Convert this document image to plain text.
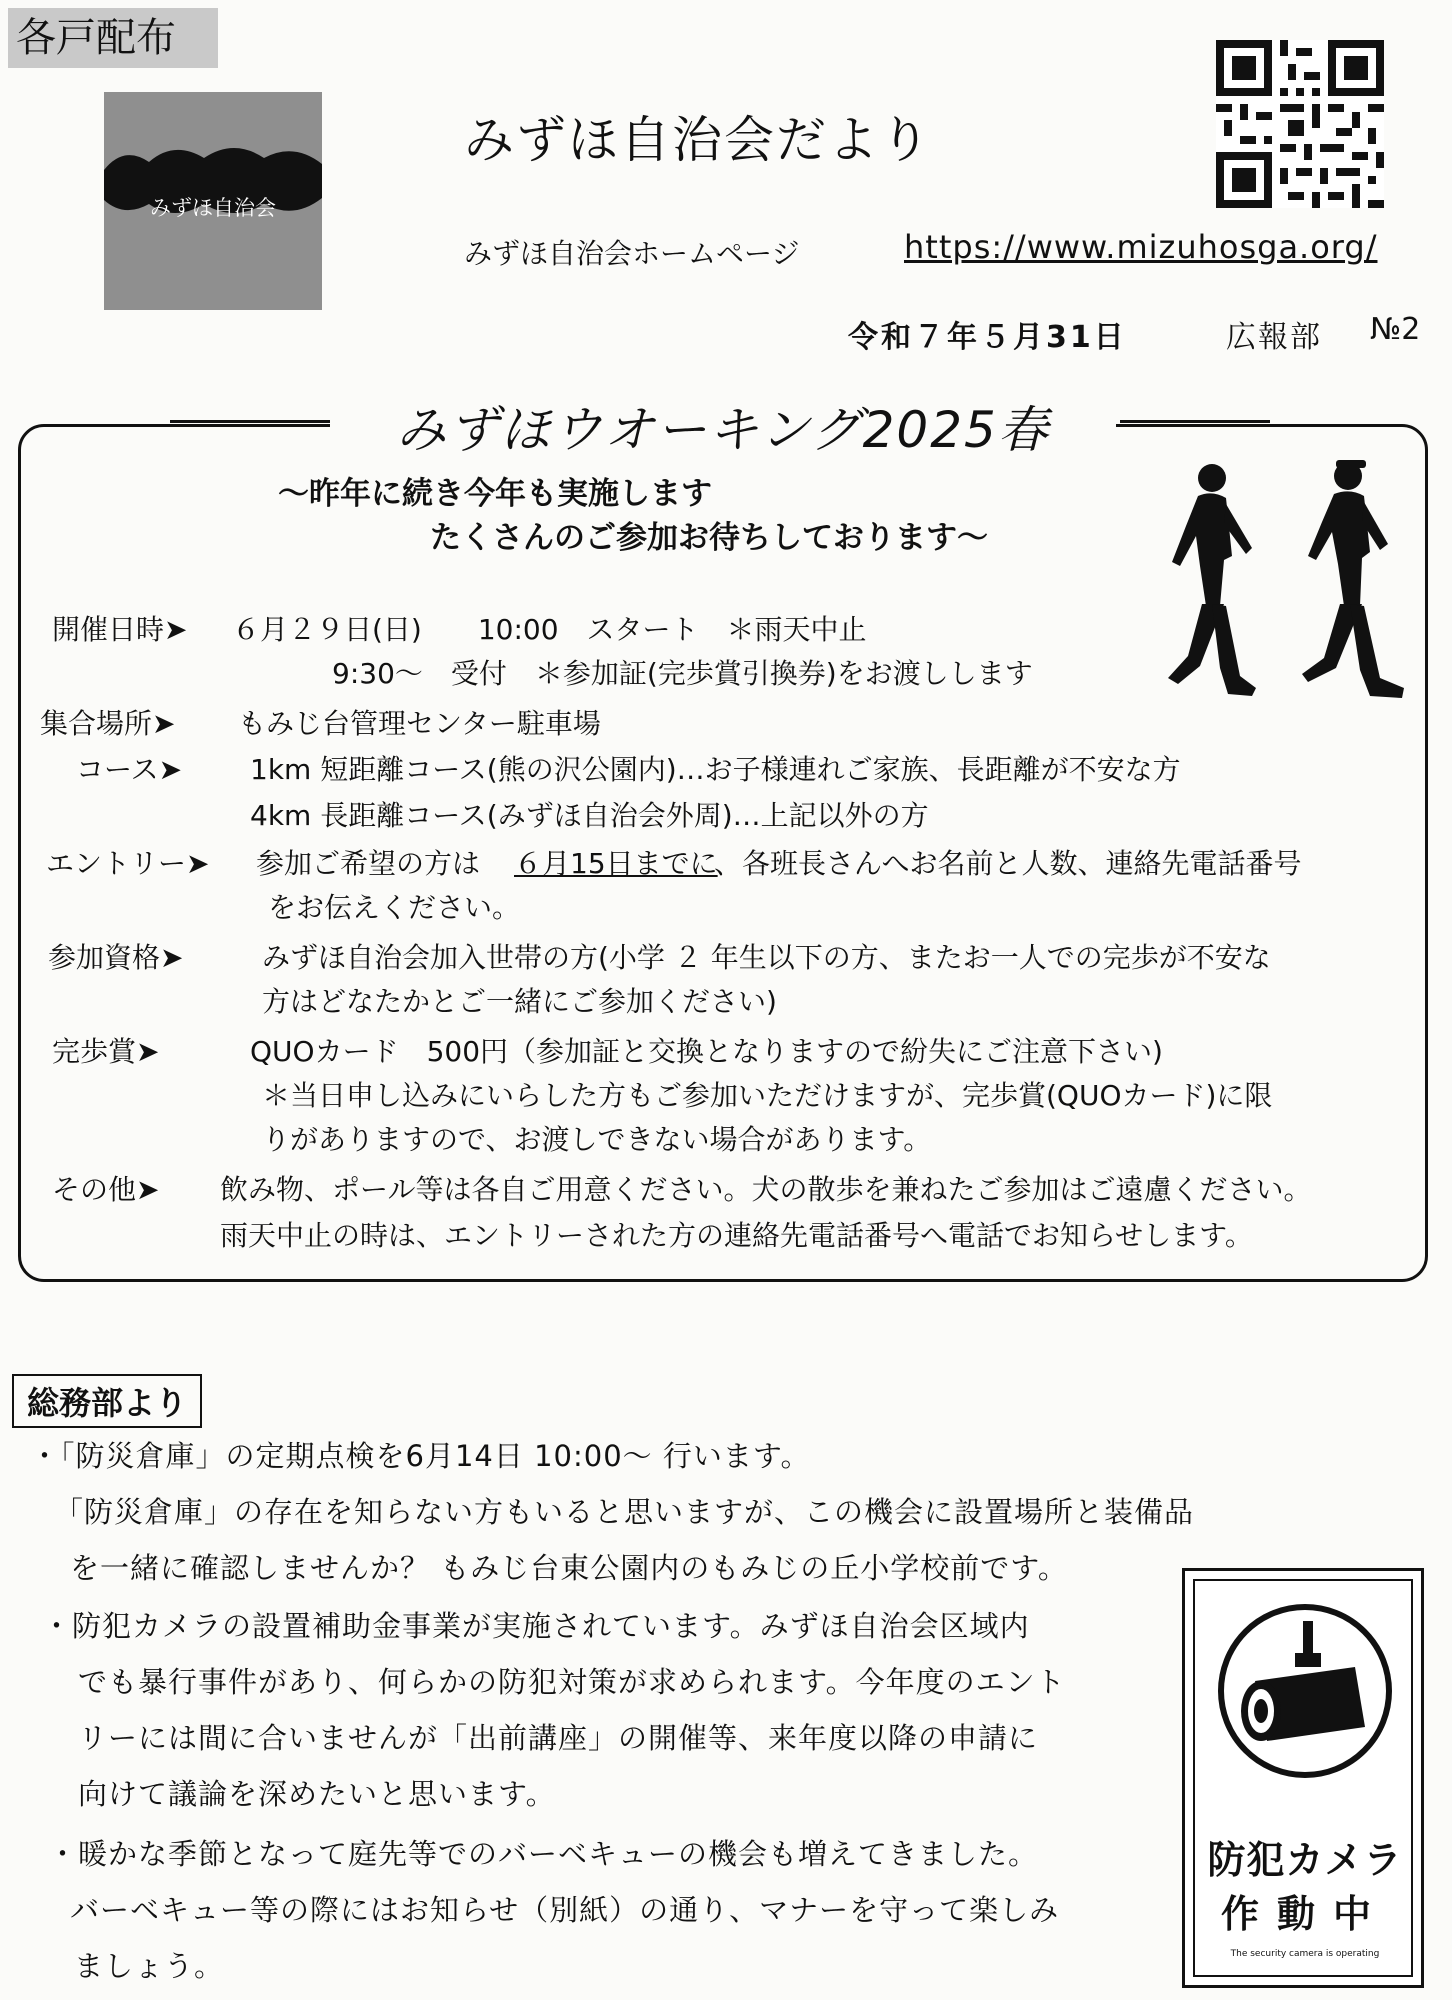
各戸配布
みずほ自治会
みずほ自治会だより
みずほ自治会ホームページ	https://www.mizuhosga.org/
令和７年５月31日	広報部 №2
みずほウオーキング2025春
～昨年に続き今年も実施します
たくさんのご参加お待ちしております～
開催日時➤ ６月２９日(日)　　10:00　スタート　＊雨天中止
9:30～　受付　＊参加証(完歩賞引換券)をお渡しします
集合場所➤ もみじ台管理センター駐車場
コース➤ 1km 短距離コース(熊の沢公園内)…お子様連れご家族、長距離が不安な方
4km 長距離コース(みずほ自治会外周)…上記以外の方
エントリー➤ 参加ご希望の方は ６月15日までに
、各班長さんへお名前と人数、連絡先電話番号
をお伝えください。
参加資格➤	みずほ自治会加入世帯の方(小学 ２ 年生以下の方、またお一人での完歩が不安な
方はどなたかとご一緒にご参加ください)
完歩賞➤	QUOカード　500円（参加証と交換となりますので紛失にご注意下さい)
＊当日申し込みにいらした方もご参加いただけますが、完歩賞(QUOカード)に限
りがありますので、お渡しできない場合があります。
その他➤ 飲み物、ポール等は各自ご用意ください。犬の散歩を兼ねたご参加はご遠慮ください。
雨天中止の時は、エントリーされた方の連絡先電話番号へ電話でお知らせします。
総務部より
・「防災倉庫」の定期点検を6月14日 10:00～ 行います。
「防災倉庫」の存在を知らない方もいると思いますが、この機会に設置場所と装備品
を一緒に確認しませんか？ もみじ台東公園内のもみじの丘小学校前です。
・防犯カメラの設置補助金事業が実施されています。みずほ自治会区域内
でも暴行事件があり、何らかの防犯対策が求められます。今年度のエント
リーには間に合いませんが「出前講座」の開催等、来年度以降の申請に
向けて議論を深めたいと思います。
・暖かな季節となって庭先等でのバーベキューの機会も増えてきました。
バーベキュー等の際にはお知らせ（別紙）の通り、マナーを守って楽しみ
ましょう。
防犯カメラ
作動中
The security camera is operating
